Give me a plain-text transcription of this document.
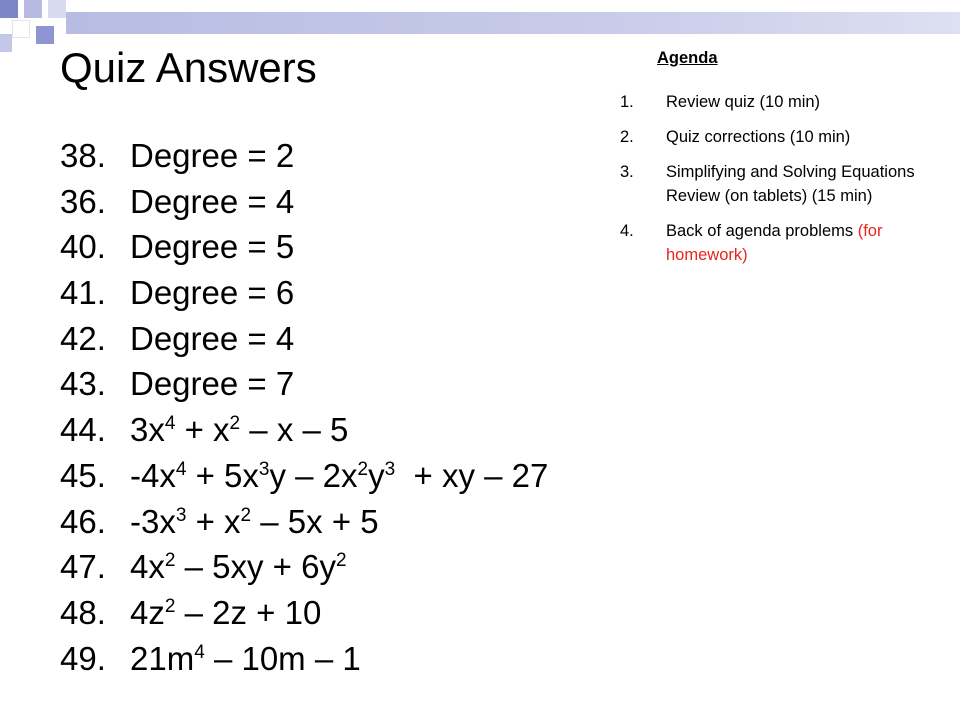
Quiz Answers
38. Degree = 2
36. Degree = 4
40. Degree = 5
41. Degree = 6
42. Degree = 4
43. Degree = 7
44. $3x^4 + x^2 - x - 5$
45. $-4x^4 + 5x^3y - 2x^2y^3$  + xy – 27
46. $-3x^3 + x^2 - 5x + 5$
47. $4x^2 - 5xy + 6y^2$
48. $4z^2 - 2z + 10$
49. $21m^4 - 10m - 1$
Agenda
1. Review quiz (10 min)
2. Quiz corrections (10 min)
3. Simplifying and Solving Equations Review (on tablets) (15 min)
4. Back of agenda problems (for homework)
